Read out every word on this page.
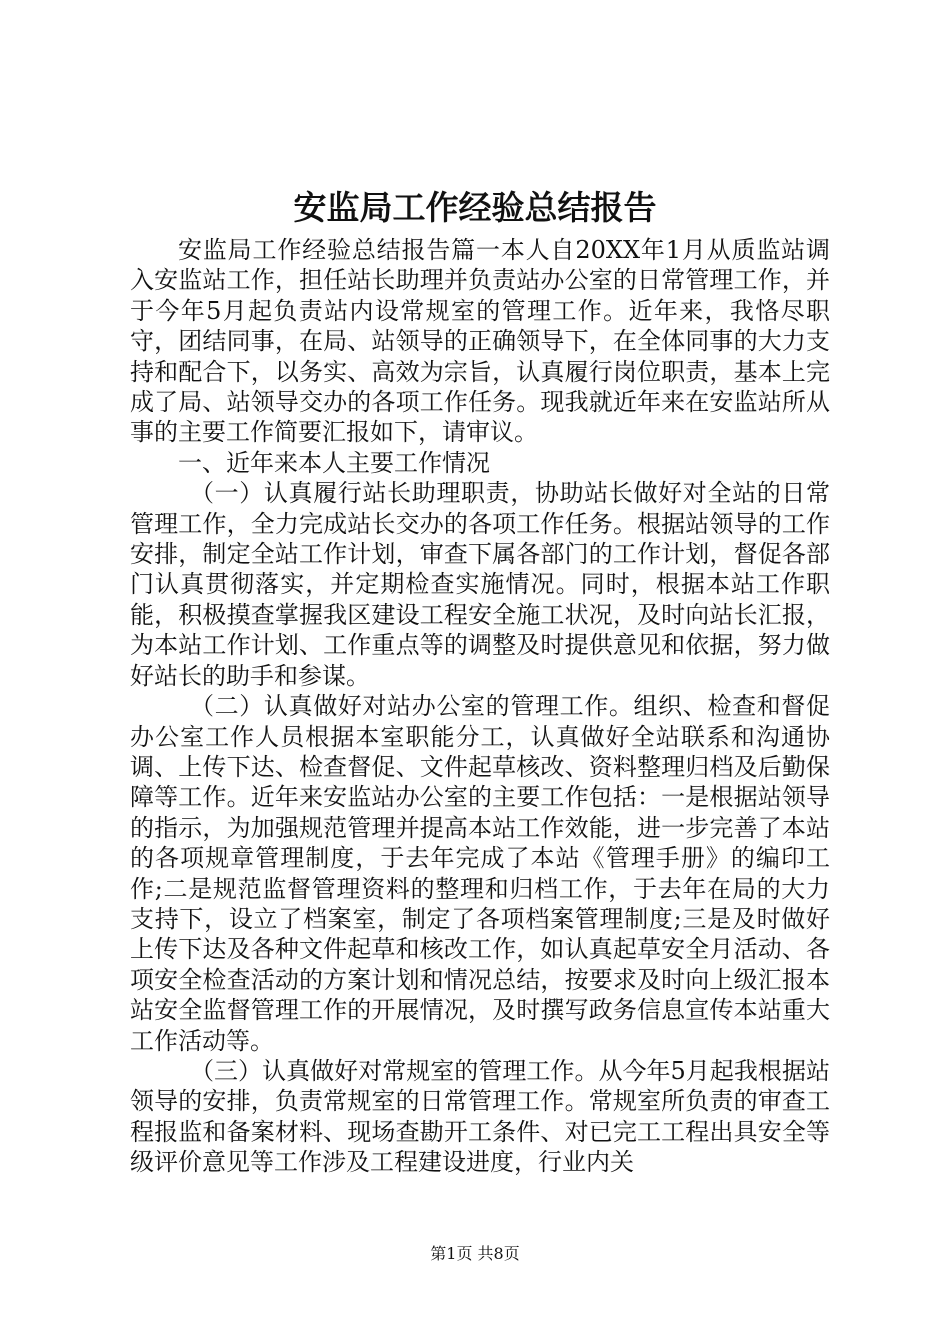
安监局工作经验总结报告

安监局工作经验总结报告篇一本人自20XX年1月从质监站调入安监站工作，担任站长助理并负责站办公室的日常管理工作，并于今年5月起负责站内设常规室的管理工作。近年来，我恪尽职守，团结同事，在局、站领导的正确领导下，在全体同事的大力支持和配合下，以务实、高效为宗旨，认真履行岗位职责，基本上完成了局、站领导交办的各项工作任务。现我就近年来在安监站所从事的主要工作简要汇报如下，请审议。

一、近年来本人主要工作情况

（一）认真履行站长助理职责，协助站长做好对全站的日常管理工作，全力完成站长交办的各项工作任务。根据站领导的工作安排，制定全站工作计划，审查下属各部门的工作计划，督促各部门认真贯彻落实，并定期检查实施情况。同时，根据本站工作职能，积极摸查掌握我区建设工程安全施工状况，及时向站长汇报，为本站工作计划、工作重点等的调整及时提供意见和依据，努力做好站长的助手和参谋。

（二）认真做好对站办公室的管理工作。组织、检查和督促办公室工作人员根据本室职能分工，认真做好全站联系和沟通协调、上传下达、检查督促、文件起草核改、资料整理归档及后勤保障等工作。近年来安监站办公室的主要工作包括：一是根据站领导的指示，为加强规范管理并提高本站工作效能，进一步完善了本站的各项规章管理制度，于去年完成了本站《管理手册》的编印工作;二是规范监督管理资料的整理和归档工作，于去年在局的大力支持下，设立了档案室，制定了各项档案管理制度;三是及时做好上传下达及各种文件起草和核改工作，如认真起草安全月活动、各项安全检查活动的方案计划和情况总结，按要求及时向上级汇报本站安全监督管理工作的开展情况，及时撰写政务信息宣传本站重大工作活动等。

（三）认真做好对常规室的管理工作。从今年5月起我根据站领导的安排，负责常规室的日常管理工作。常规室所负责的审查工程报监和备案材料、现场查勘开工条件、对已完工工程出具安全等级评价意见等工作涉及工程建设进度，行业内关

第1页 共8页
